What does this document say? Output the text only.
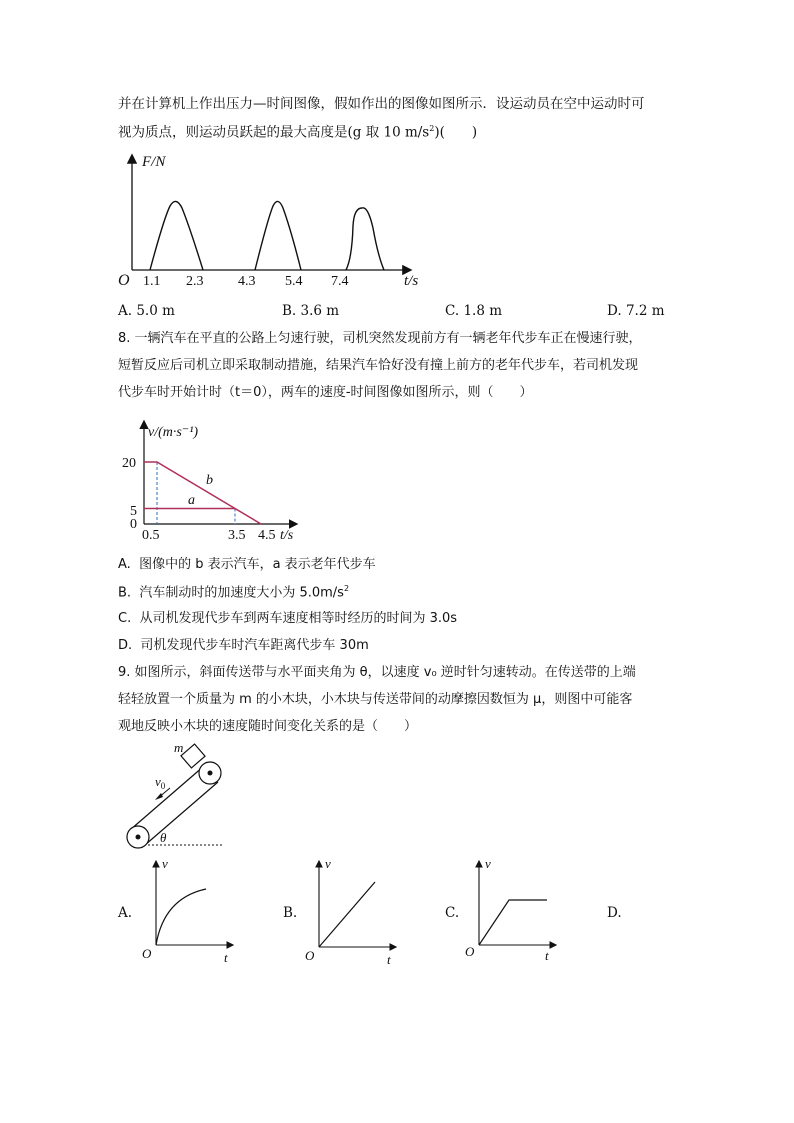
并在计算机上作出压力—时间图像，假如作出的图像如图所示．设运动员在空中运动时可
视为质点，则运动员跃起的最大高度是(g 取 10 $m/s^2$)(　　)
F/N
O 1.1 2.3 4.3 5.4 7.4	t/s
A. 5.0 m	B. 3.6 m	C. 1.8 m	D. 7.2 m
8. 一辆汽车在平直的公路上匀速行驶，司机突然发现前方有一辆老年代步车正在慢速行驶，
短暂反应后司机立即采取制动措施，结果汽车恰好没有撞上前方的老年代步车，若司机发现
代步车时开始计时（t＝0），两车的速度-时间图像如图所示，则（　　）
v/(m·s⁻¹)
t/s
20
5
0
0.5	3.5 4.5
b
a
A. 图像中的 b 表示汽车，a 表示老年代步车
B. 汽车制动时的加速度大小为 $5.0m/s^2$
C. 从司机发现代步车到两车速度相等时经历的时间为 3.0s
D. 司机发现代步车时汽车距离代步车 30m
9. 如图所示，斜面传送带与水平面夹角为 θ，以速度 v₀ 逆时针匀速转动。在传送带的上端
轻轻放置一个质量为 m 的小木块，小木块与传送带间的动摩擦因数恒为 μ，则图中可能客
观地反映小木块的速度随时间变化关系的是（　　）
m
$v_0$
θ
A.
v
O	t
B.
v
O	t
C.
v
O	t
D.
